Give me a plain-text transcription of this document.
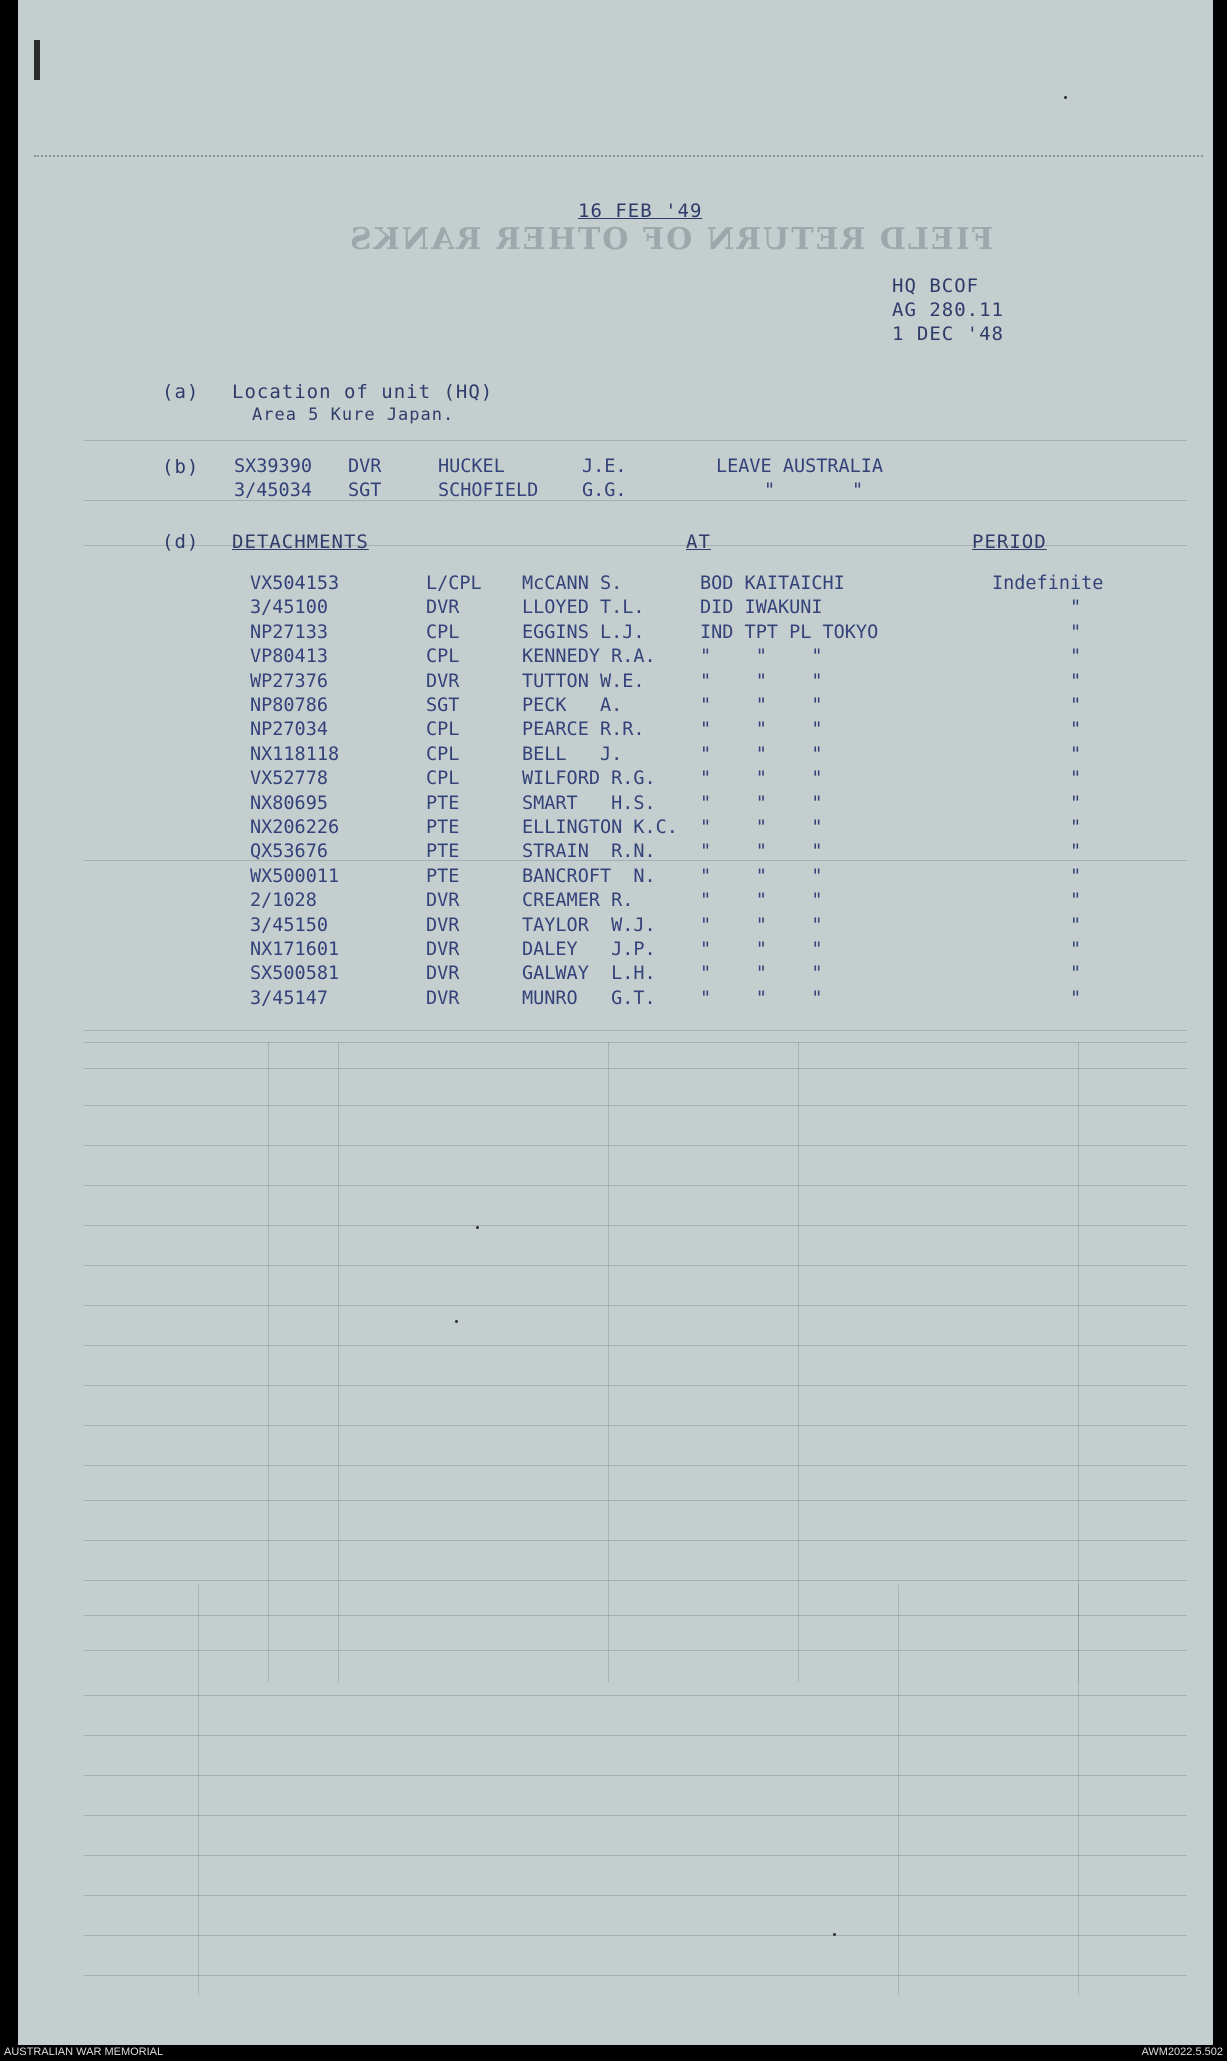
FIELD RETURN OF OTHER RANKS
16 FEB '49
HQ BCOF
AG 280.11
1 DEC '48
(a) Location of unit (HQ)
Area 5 Kure Japan.
(b) SX39390 DVR	HUCKEL	J.E.	LEAVE AUSTRALIA
3/45034 SGT	SCHOFIELD G.G.	"	"
(d) DETACHMENTS	AT	PERIOD
VX504153	L/CPL McCANN S.	BOD KAITAICHI	Indefinite
3/45100	DVR	LLOYED T.L.	DID IWAKUNI	"
NP27133	CPL	EGGINS L.J.	IND TPT PL TOKYO	"
VP80413	CPL	KENNEDY R.A. "    "    "	"
WP27376	DVR	TUTTON W.E.	"    "    "	"
NP80786	SGT	PECK   A.	"    "    "	"
NP27034	CPL	PEARCE R.R.	"    "    "	"
NX118118	CPL	BELL   J.	"    "    "	"
VX52778	CPL	WILFORD R.G. "    "    "	"
NX80695	PTE	SMART   H.S. "    "    "	"
NX206226	PTE	ELLINGTON K.C. "    "    "	"
QX53676	PTE	STRAIN  R.N. "    "    "	"
WX500011	PTE	BANCROFT  N. "    "    "	"
2/1028	DVR	CREAMER R.	"    "    "	"
3/45150	DVR	TAYLOR  W.J. "    "    "	"
NX171601	DVR	DALEY   J.P. "    "    "	"
SX500581	DVR	GALWAY  L.H. "    "    "	"
3/45147	DVR	MUNRO   G.T. "    "    "	"
AUSTRALIAN WAR MEMORIAL	AWM2022.5.502
